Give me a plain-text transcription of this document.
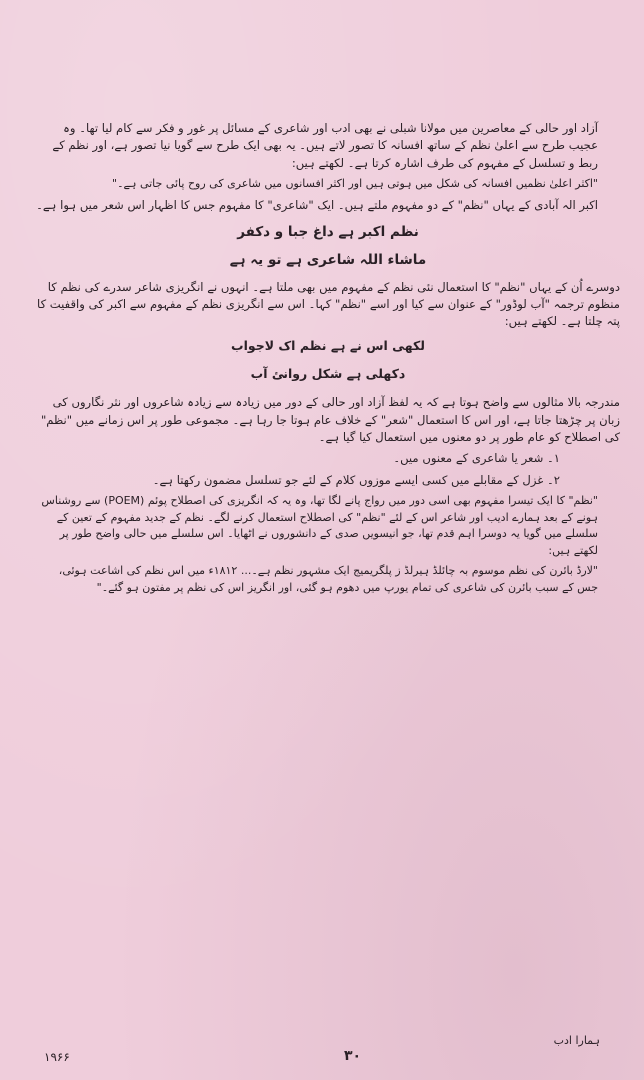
آزاد اور حالی کے معاصرین میں مولانا شبلی نے بھی ادب اور شاعری کے مسائل پر غور و فکر سے کام لیا تھا۔ وہ عجیب طرح سے اعلیٰ نظم کے ساتھ افسانہ کا تصور لاتے ہیں۔ یہ بھی ایک طرح سے گویا نیا تصور ہے، اور نظم کے ربط و تسلسل کے مفہوم کی طرف اشارہ کرتا ہے۔ لکھتے ہیں:

"اکثر اعلیٰ نظمیں افسانہ کی شکل میں ہوتی ہیں اور اکثر افسانوں میں شاعری کی روح پائی جاتی ہے۔"

اکبر الہ آبادی کے یہاں "نظم" کے دو مفہوم ملتے ہیں۔ ایک "شاعری" کا مفہوم جس کا اظہار اس شعر میں ہوا ہے۔

نظم اکبر ہے داغ جبا و دکفر
ماشاء اللہ شاعری ہے تو یہ ہے

دوسرے اُن کے یہاں "نظم" کا استعمال نئی نظم کے مفہوم میں بھی ملتا ہے۔ انہوں نے انگریزی شاعر سدرے کی نظم کا منظوم ترجمہ "آب لوڈور" کے عنوان سے کیا اور اسے "نظم" کہا۔ اس سے انگریزی نظم کے مفہوم سے اکبر کی واقفیت کا پتہ چلتا ہے۔ لکھتے ہیں:

لکھی اس نے ہے نظم اک لاجواب
دکھلی ہے شکل روانئ آب

مندرجہ بالا مثالوں سے واضح ہوتا ہے کہ یہ لفظ آزاد اور حالی کے دور میں زیادہ سے زیادہ شاعروں اور نثر نگاروں کی زبان پر چڑھتا جاتا ہے، اور اس کا استعمال "شعر" کے خلاف عام ہوتا جا رہا ہے۔ مجموعی طور پر اس زمانے میں "نظم" کی اصطلاح کو عام طور پر دو معنوں میں استعمال کیا گیا ہے۔

۱۔ شعر یا شاعری کے معنوں میں۔

۲۔ غزل کے مقابلے میں کسی ایسے موزوں کلام کے لئے جو تسلسل مضمون رکھتا ہے۔

"نظم" کا ایک تیسرا مفہوم بھی اسی دور میں رواج پانے لگا تھا، وہ یہ کہ انگریزی کی اصطلاح پوئم (POEM) سے روشناس ہونے کے بعد ہمارے ادیب اور شاعر اس کے لئے "نظم" کی اصطلاح استعمال کرنے لگے۔ نظم کے جدید مفہوم کے تعین کے سلسلے میں گویا یہ دوسرا اہم قدم تھا، جو انیسویں صدی کے دانشوروں نے اٹھایا۔ اس سلسلے میں حالی واضح طور پر لکھتے ہیں:

"لارڈ بائرن کی نظم موسوم بہ چائلڈ ہیرلڈ ز پلگریمیج ایک مشہور نظم ہے۔... ۱۸۱۲ء میں اس نظم کی اشاعت ہوئی، جس کے سبب بائرن کی شاعری کی تمام یورپ میں دھوم ہو گئی، اور انگریز اس کی نظم پر مفتون ہو گئے۔"

ہمارا ادب
۱۹۶۶	۳۰
